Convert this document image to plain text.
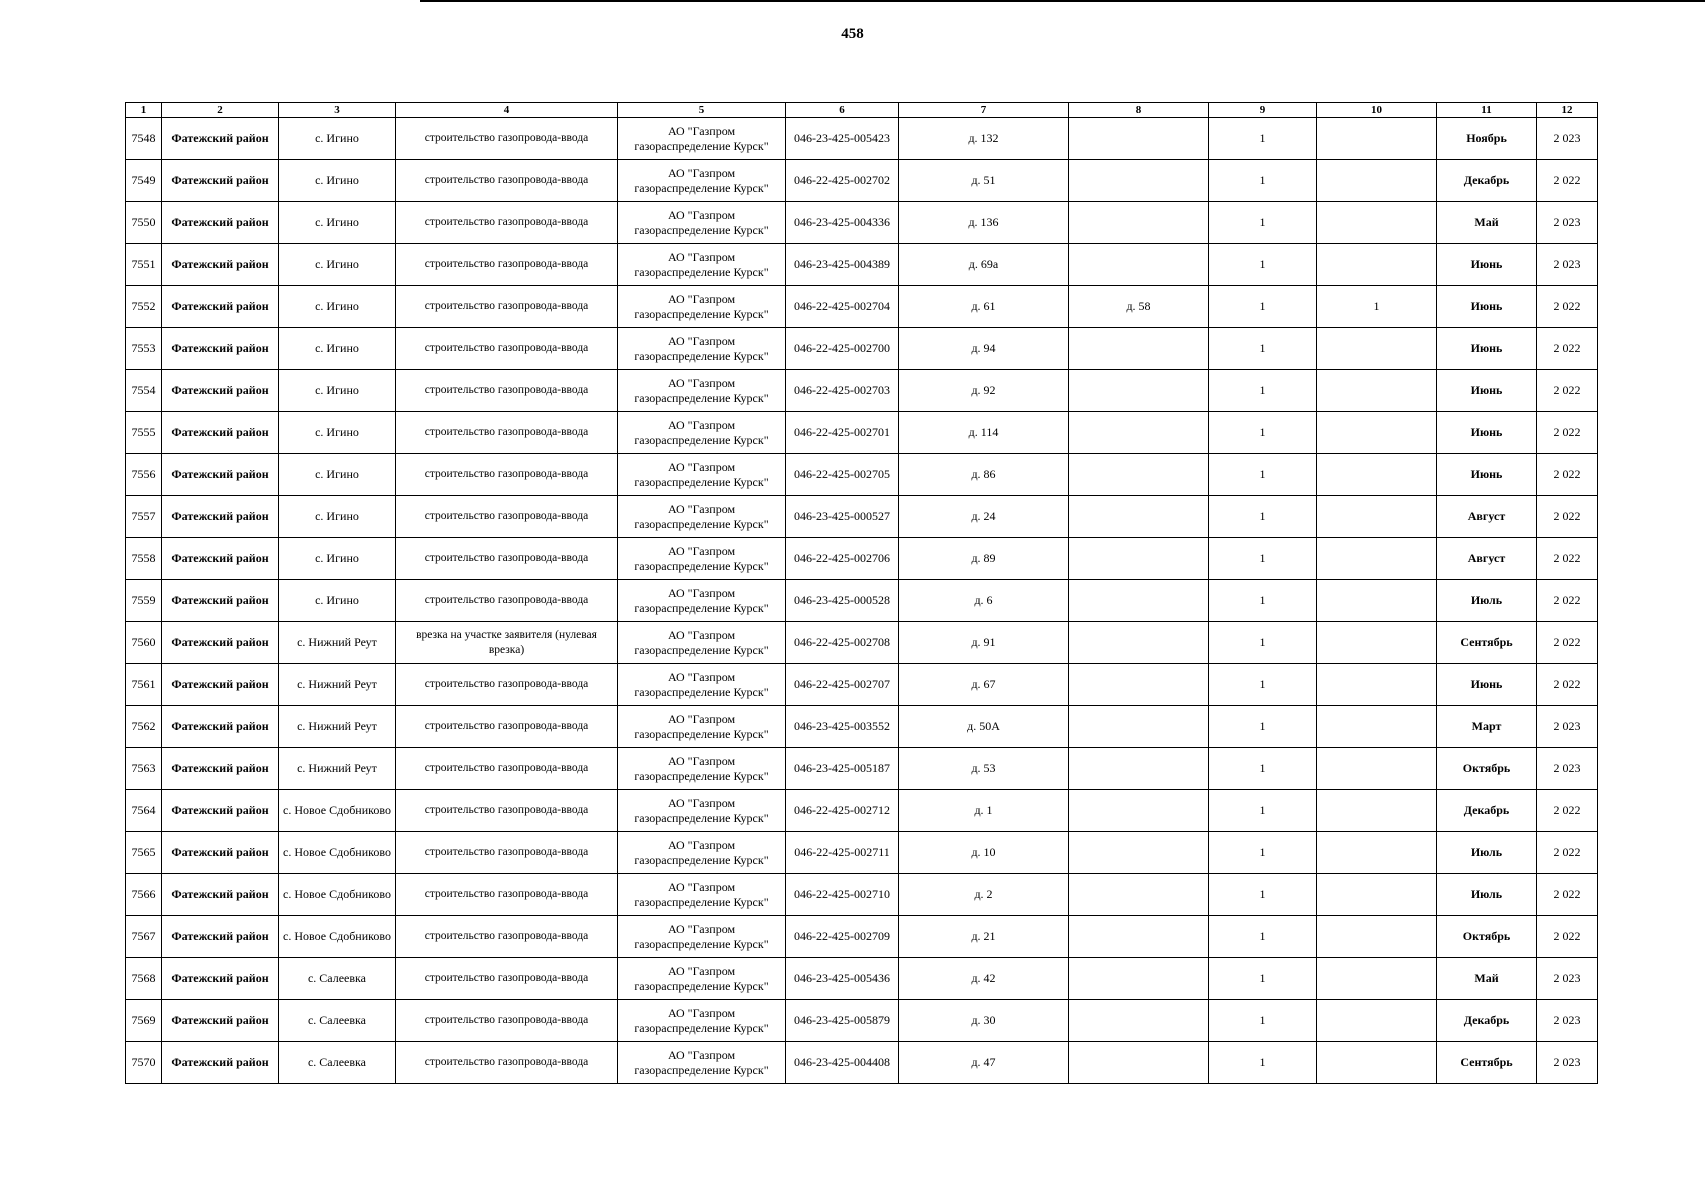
458
1	2	3	4	5	6	7	8	9	10	11	12
7548	Фатежский район	с. Игино	строительство газопровода-ввода	АО "Газпром газораспределение Курск"	046-23-425-005423	д. 132		1		Ноябрь	2 023
7549	Фатежский район	с. Игино	строительство газопровода-ввода	АО "Газпром газораспределение Курск"	046-22-425-002702	д. 51		1		Декабрь	2 022
7550	Фатежский район	с. Игино	строительство газопровода-ввода	АО "Газпром газораспределение Курск"	046-23-425-004336	д. 136		1		Май	2 023
7551	Фатежский район	с. Игино	строительство газопровода-ввода	АО "Газпром газораспределение Курск"	046-23-425-004389	д. 69а		1		Июнь	2 023
7552	Фатежский район	с. Игино	строительство газопровода-ввода	АО "Газпром газораспределение Курск"	046-22-425-002704	д. 61	д. 58	1	1	Июнь	2 022
7553	Фатежский район	с. Игино	строительство газопровода-ввода	АО "Газпром газораспределение Курск"	046-22-425-002700	д. 94		1		Июнь	2 022
7554	Фатежский район	с. Игино	строительство газопровода-ввода	АО "Газпром газораспределение Курск"	046-22-425-002703	д. 92		1		Июнь	2 022
7555	Фатежский район	с. Игино	строительство газопровода-ввода	АО "Газпром газораспределение Курск"	046-22-425-002701	д. 114		1		Июнь	2 022
7556	Фатежский район	с. Игино	строительство газопровода-ввода	АО "Газпром газораспределение Курск"	046-22-425-002705	д. 86		1		Июнь	2 022
7557	Фатежский район	с. Игино	строительство газопровода-ввода	АО "Газпром газораспределение Курск"	046-23-425-000527	д. 24		1		Август	2 022
7558	Фатежский район	с. Игино	строительство газопровода-ввода	АО "Газпром газораспределение Курск"	046-22-425-002706	д. 89		1		Август	2 022
7559	Фатежский район	с. Игино	строительство газопровода-ввода	АО "Газпром газораспределение Курск"	046-23-425-000528	д. 6		1		Июль	2 022
7560	Фатежский район	с. Нижний Реут	врезка на участке заявителя (нулевая врезка)	АО "Газпром газораспределение Курск"	046-22-425-002708	д. 91		1		Сентябрь	2 022
7561	Фатежский район	с. Нижний Реут	строительство газопровода-ввода	АО "Газпром газораспределение Курск"	046-22-425-002707	д. 67		1		Июнь	2 022
7562	Фатежский район	с. Нижний Реут	строительство газопровода-ввода	АО "Газпром газораспределение Курск"	046-23-425-003552	д. 50А		1		Март	2 023
7563	Фатежский район	с. Нижний Реут	строительство газопровода-ввода	АО "Газпром газораспределение Курск"	046-23-425-005187	д. 53		1		Октябрь	2 023
7564	Фатежский район	с. Новое Сдобниково	строительство газопровода-ввода	АО "Газпром газораспределение Курск"	046-22-425-002712	д. 1		1		Декабрь	2 022
7565	Фатежский район	с. Новое Сдобниково	строительство газопровода-ввода	АО "Газпром газораспределение Курск"	046-22-425-002711	д. 10		1		Июль	2 022
7566	Фатежский район	с. Новое Сдобниково	строительство газопровода-ввода	АО "Газпром газораспределение Курск"	046-22-425-002710	д. 2		1		Июль	2 022
7567	Фатежский район	с. Новое Сдобниково	строительство газопровода-ввода	АО "Газпром газораспределение Курск"	046-22-425-002709	д. 21		1		Октябрь	2 022
7568	Фатежский район	с. Салеевка	строительство газопровода-ввода	АО "Газпром газораспределение Курск"	046-23-425-005436	д. 42		1		Май	2 023
7569	Фатежский район	с. Салеевка	строительство газопровода-ввода	АО "Газпром газораспределение Курск"	046-23-425-005879	д. 30		1		Декабрь	2 023
7570	Фатежский район	с. Салеевка	строительство газопровода-ввода	АО "Газпром газораспределение Курск"	046-23-425-004408	д. 47		1		Сентябрь	2 023
